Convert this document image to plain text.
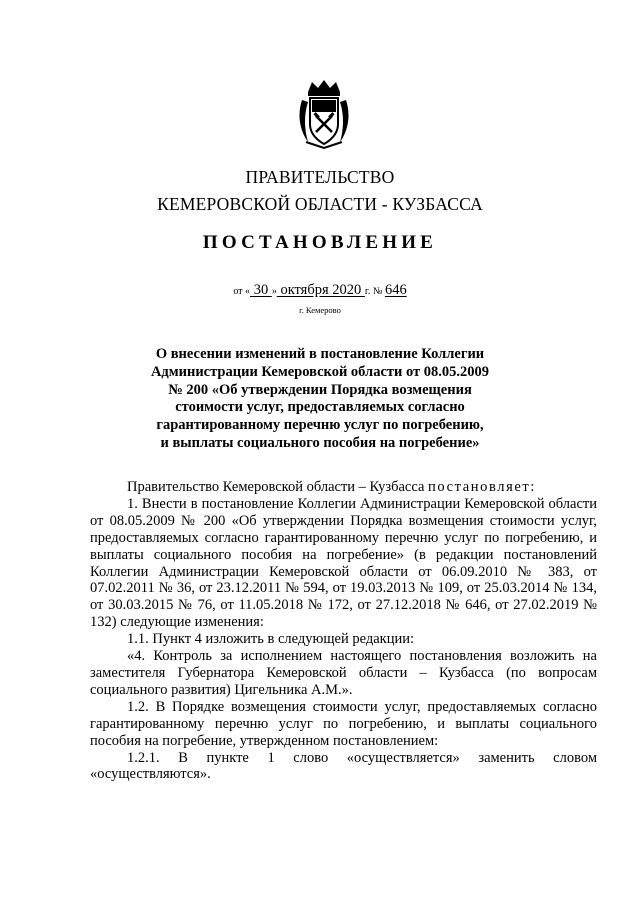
ПРАВИТЕЛЬСТВО
КЕМЕРОВСКОЙ ОБЛАСТИ - КУЗБАССА
ПОСТАНОВЛЕНИЕ
от « 30 » октября 2020 г. № 646
г. Кемерово
О внесении изменений в постановление Коллегии
Администрации Кемеровской области от 08.05.2009
№ 200 «Об утверждении Порядка возмещения
стоимости услуг, предоставляемых согласно
гарантированному перечню услуг по погребению,
и выплаты социального пособия на погребение»

Правительство Кемеровской области – Кузбасса постановляет:

1. Внести в постановление Коллегии Администрации Кемеровской области от 08.05.2009 № 200 «Об утверждении Порядка возмещения стоимости услуг, предоставляемых согласно гарантированному перечню услуг по погребению, и выплаты социального пособия на погребение» (в редакции постановлений Коллегии Администрации Кемеровской области от 06.09.2010 № 383, от 07.02.2011 № 36, от 23.12.2011 № 594, от 19.03.2013 № 109, от 25.03.2014 № 134, от 30.03.2015 № 76, от 11.05.2018 № 172, от 27.12.2018 № 646, от 27.02.2019 № 132) следующие изменения:

1.1. Пункт 4 изложить в следующей редакции:

«4. Контроль за исполнением настоящего постановления возложить на заместителя Губернатора Кемеровской области – Кузбасса (по вопросам социального развития) Цигельника А.М.».

1.2. В Порядке возмещения стоимости услуг, предоставляемых согласно гарантированному перечню услуг по погребению, и выплаты социального пособия на погребение, утвержденном постановлением:

1.2.1. В пункте 1 слово «осуществляется» заменить словом «осуществляются».
